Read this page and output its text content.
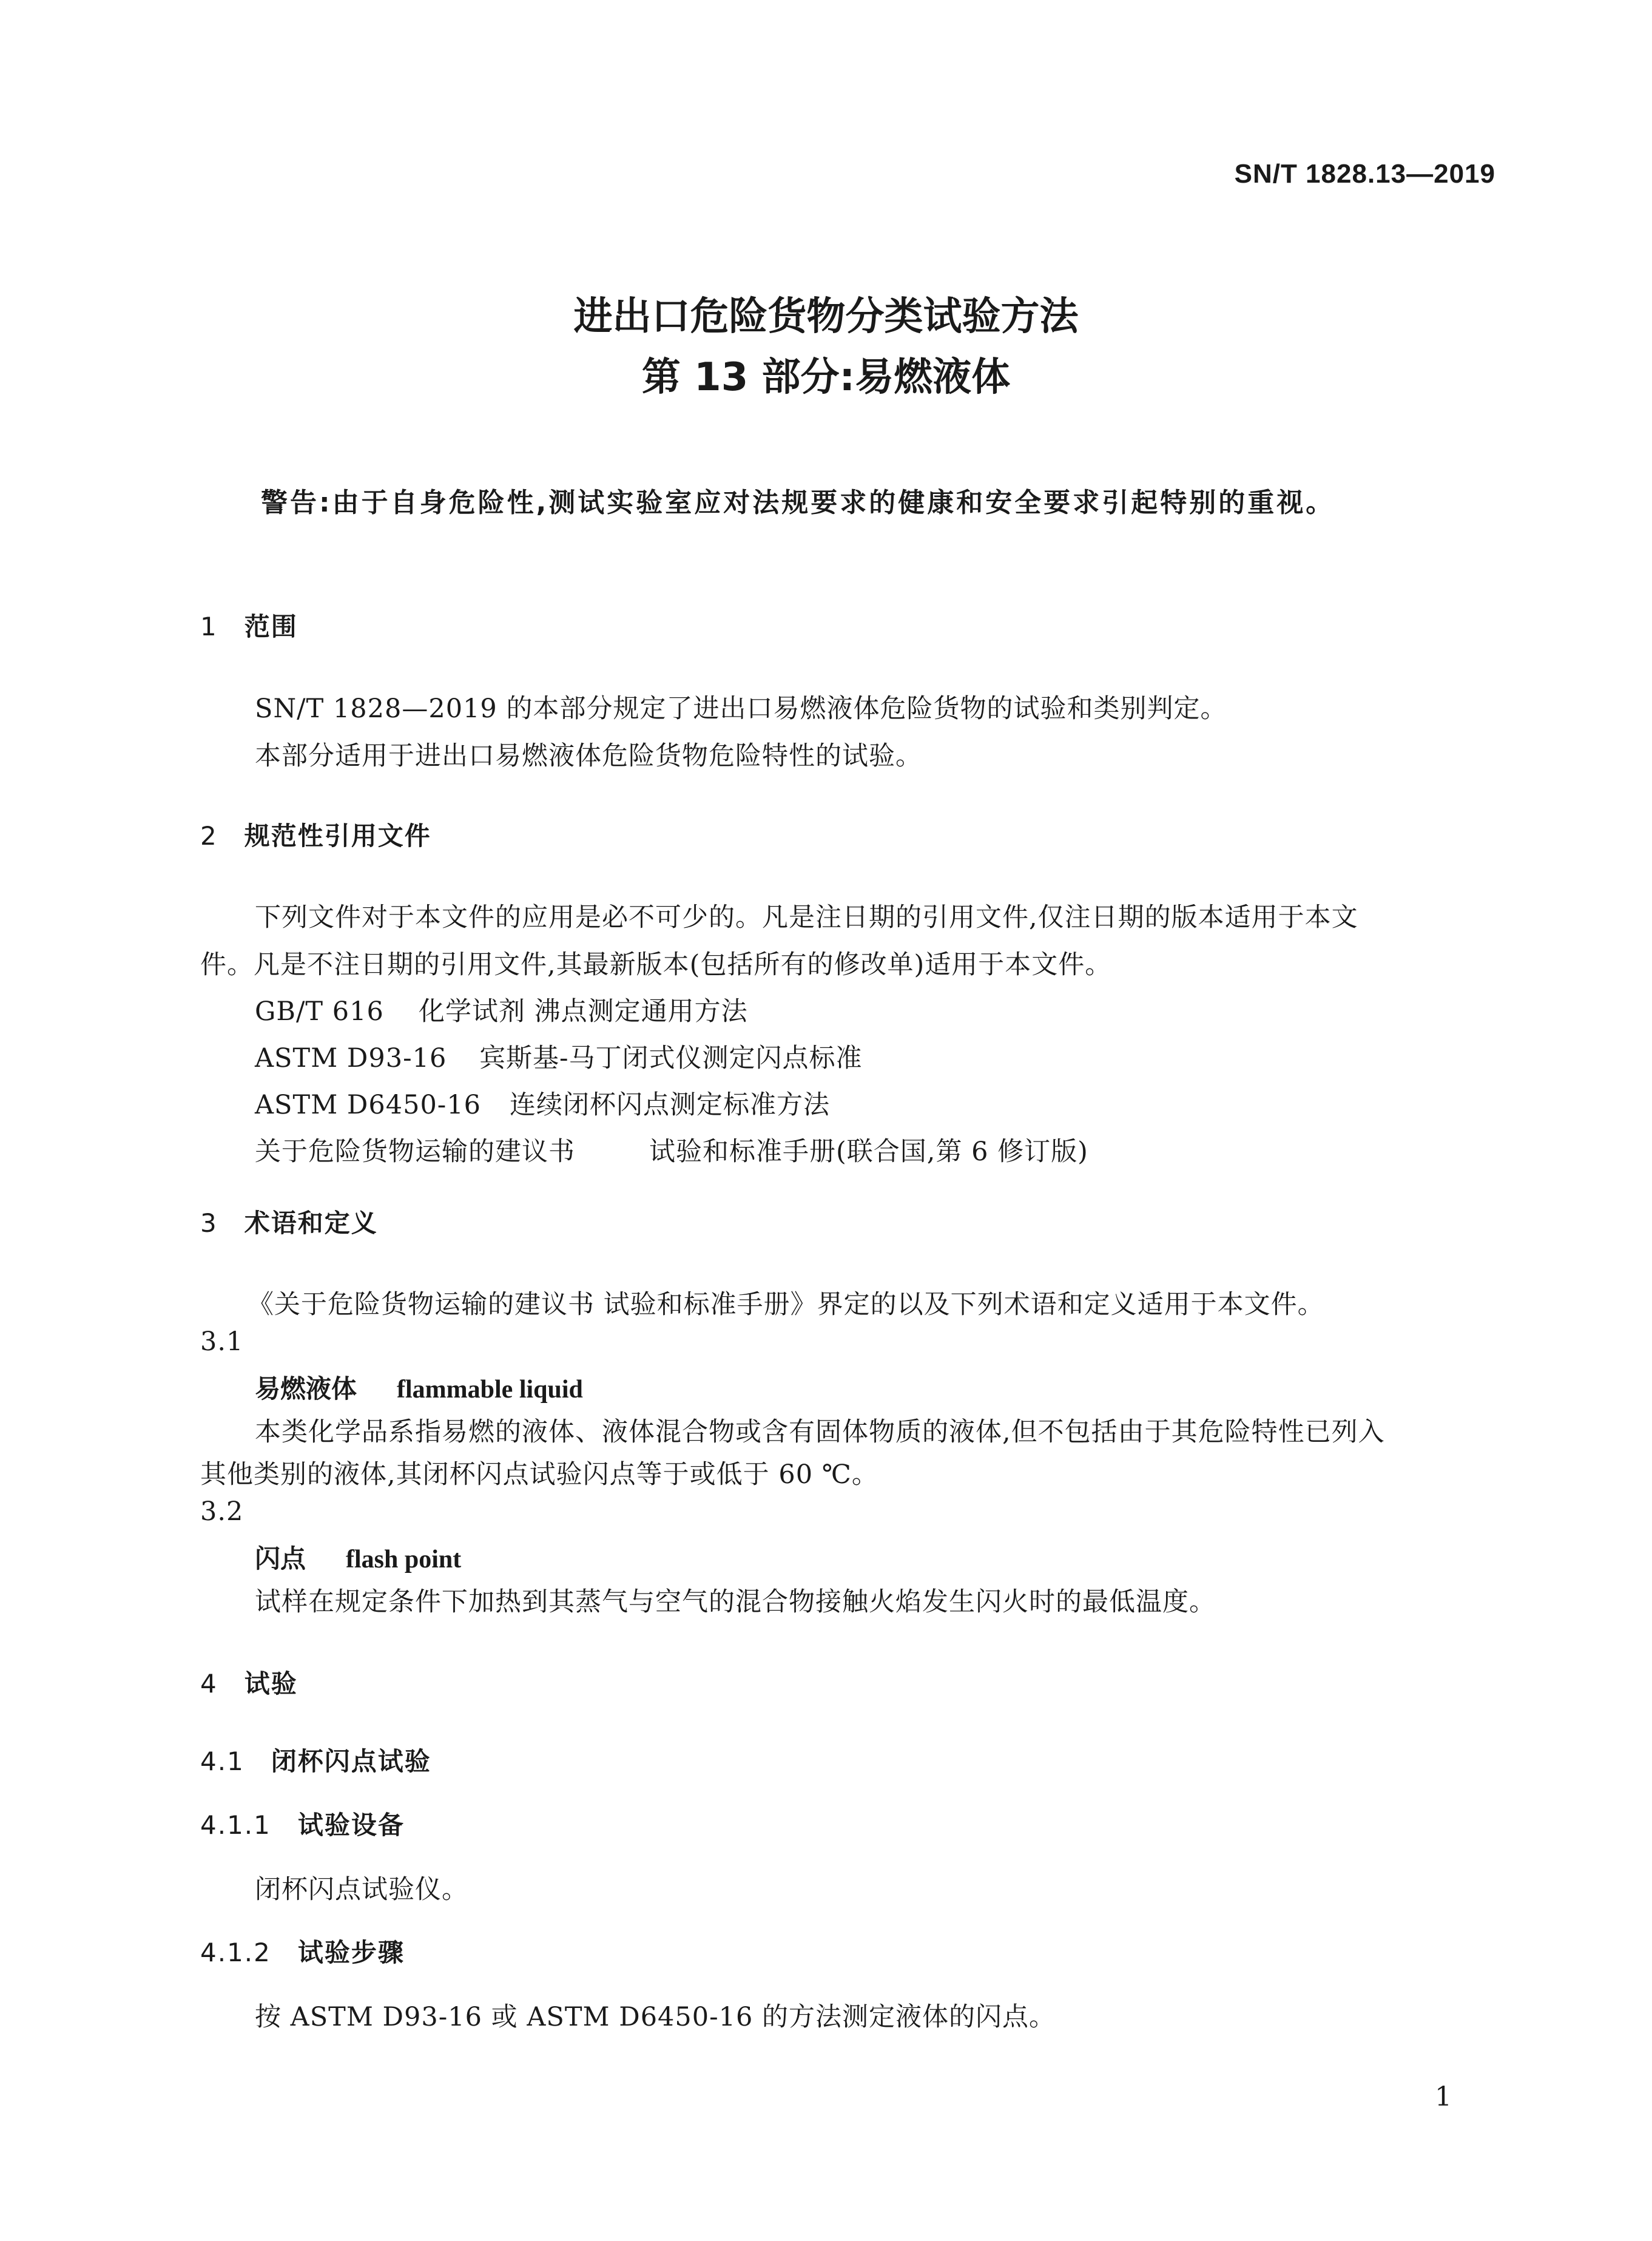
SN/T 1828.13—2019
进出口危险货物分类试验方法
第 13 部分:易燃液体
警告:由于自身危险性,测试实验室应对法规要求的健康和安全要求引起特别的重视。
1 范围
SN/T 1828—2019 的本部分规定了进出口易燃液体危险货物的试验和类别判定。
本部分适用于进出口易燃液体危险货物危险特性的试验。
2 规范性引用文件
下列文件对于本文件的应用是必不可少的。凡是注日期的引用文件,仅注日期的版本适用于本文
件。凡是不注日期的引用文件,其最新版本(包括所有的修改单)适用于本文件。
GB/T 616 化学试剂 沸点测定通用方法
ASTM D93-16 宾斯基-马丁闭式仪测定闪点标准
ASTM D6450-16 连续闭杯闪点测定标准方法
关于危险货物运输的建议书	试验和标准手册(联合国,第 6 修订版)
3 术语和定义
《关于危险货物运输的建议书 试验和标准手册》界定的以及下列术语和定义适用于本文件。
3.1
易燃液体 flammable liquid
本类化学品系指易燃的液体、液体混合物或含有固体物质的液体,但不包括由于其危险特性已列入
其他类别的液体,其闭杯闪点试验闪点等于或低于 60 ℃。
3.2
闪点 flash point
试样在规定条件下加热到其蒸气与空气的混合物接触火焰发生闪火时的最低温度。
4 试验
4.1 闭杯闪点试验
4.1.1 试验设备
闭杯闪点试验仪。
4.1.2 试验步骤
按 ASTM D93-16 或 ASTM D6450-16 的方法测定液体的闪点。
1
